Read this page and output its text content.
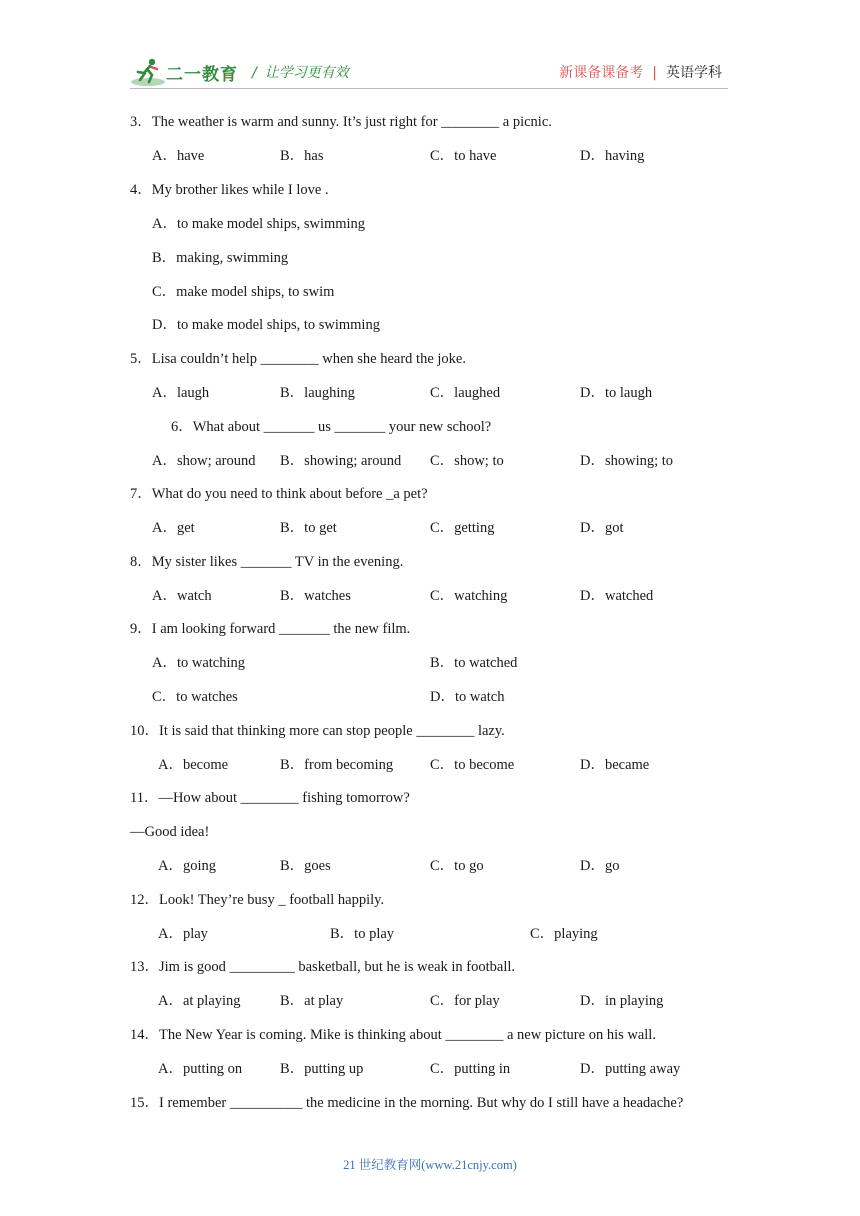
二一教育 / 让学习更有效	新课备课备考 | 英语学科
3．The weather is warm and sunny. It’s just right for ________ a picnic.
A．have	B．has	C．to have	D．having
4．My brother likes while I love .
A．to make model ships, swimming
B．making, swimming
C．make model ships, to swim
D．to make model ships, to swimming
5．Lisa couldn’t help ________ when she heard the joke.
A．laugh	B．laughing	C．laughed	D．to laugh
6．What about _______ us _______ your new school?
A．show; around B．showing; around C．show; to	D．showing; to
7．What do you need to think about before _a pet?
A．get	B．to get	C．getting	D．got
8．My sister likes _______ TV in the evening.
A．watch	B．watches	C．watching	D．watched
9．I am looking forward _______ the new film.
A．to watching	B．to watched
C．to watches	D．to watch
10．It is said that thinking more can stop people ________ lazy.
A．become	B．from becoming	C．to become	D．became
11．—How about ________ fishing tomorrow?
—Good idea!
A．going	B．goes	C．to go	D．go
12．Look! They’re busy _ football happily.
A．play	B．to play	C．playing
13．Jim is good _________ basketball, but he is weak in football.
A．at playing	B．at play	C．for play	D．in playing
14．The New Year is coming. Mike is thinking about ________ a new picture on his wall.
A．putting on	B．putting up	C．putting in	D．putting away
15．I remember __________ the medicine in the morning. But why do I still have a headache?
21 世纪教育网(www.21cnjy.com)
